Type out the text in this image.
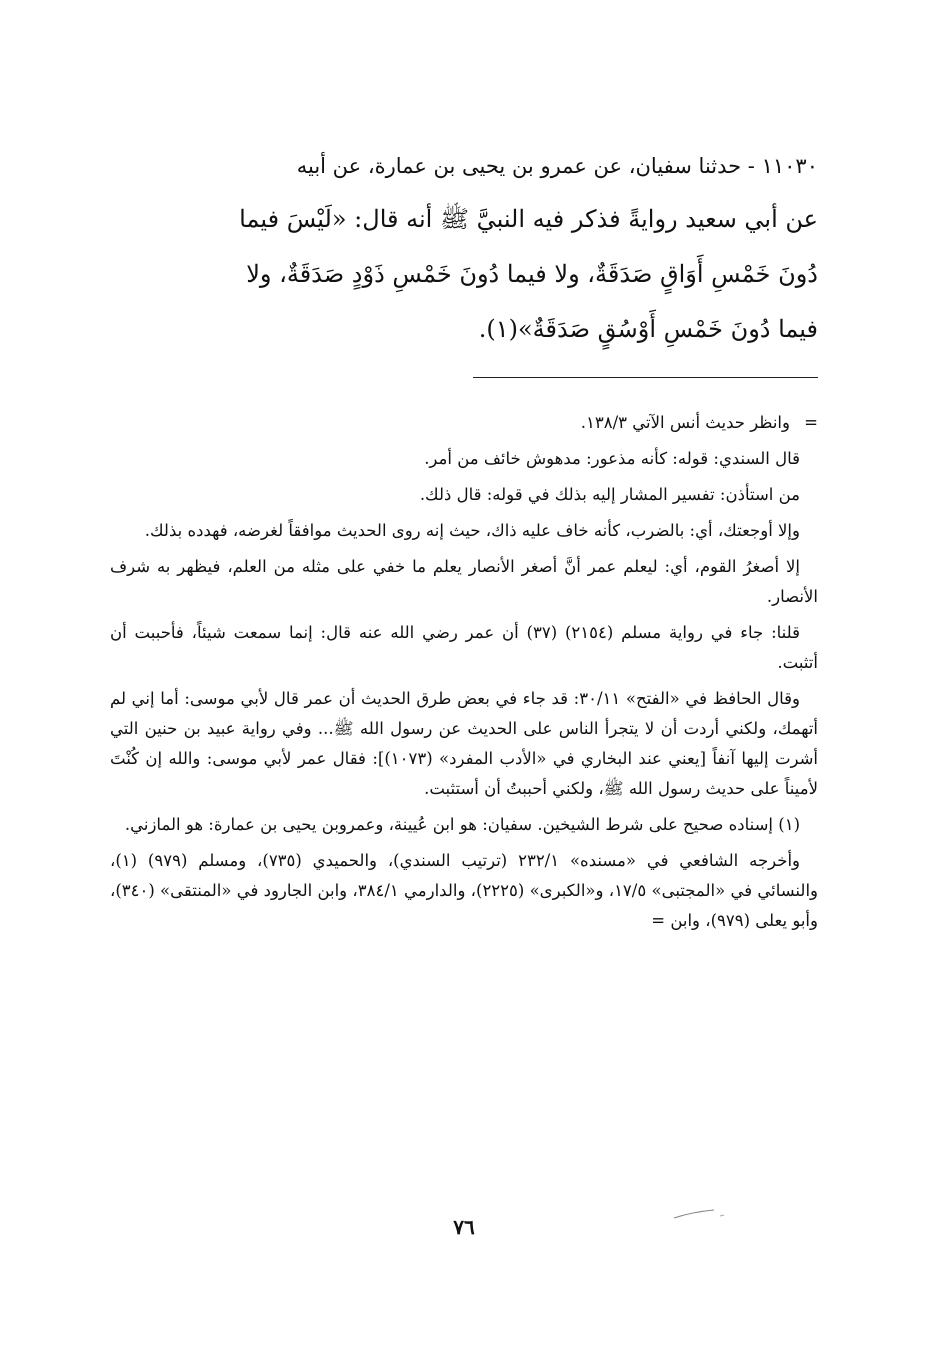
١١٠٣٠ - حدثنا سفيان، عن عمرو بن يحيى بن عمارة، عن أبيه

عن أبي سعيد روايةً فذكر فيه النبيَّ ﷺ أنه قال: «لَيْسَ فيما

دُونَ خَمْسِ أَوَاقٍ صَدَقَةٌ، ولا فيما دُونَ خَمْسِ ذَوْدٍ صَدَقَةٌ، ولا

فيما دُونَ خَمْسِ أَوْسُقٍ صَدَقَةٌ»(١).

=وانظر حديث أنس الآتي ١٣٨/٣.

قال السندي: قوله: كأنه مذعور: مدهوش خائف من أمر.

من استأذن: تفسير المشار إليه بذلك في قوله: قال ذلك.

وإلا أوجعتك، أي: بالضرب، كأنه خاف عليه ذاك، حيث إنه روى الحديث موافقاً لغرضه، فهدده بذلك.

إلا أصغرُ القوم، أي: ليعلم عمر أنَّ أصغر الأنصار يعلم ما خفي على مثله من العلم، فيظهر به شرف الأنصار.

قلنا: جاء في رواية مسلم (٢١٥٤) (٣٧) أن عمر رضي الله عنه قال: إنما سمعت شيئاً، فأحببت أن أتثبت.

وقال الحافظ في «الفتح» ٣٠/١١: قد جاء في بعض طرق الحديث أن عمر قال لأبي موسى: أما إني لم أتهمك، ولكني أردت أن لا يتجرأ الناس على الحديث عن رسول الله ﷺ... وفي رواية عبيد بن حنين التي أشرت إليها آنفاً [يعني عند البخاري في «الأدب المفرد» (١٠٧٣)]: فقال عمر لأبي موسى: والله إن كُنْتَ لأميناً على حديث رسول الله ﷺ، ولكني أحببتُ أن أستثبت.

(١) إسناده صحيح على شرط الشيخين. سفيان: هو ابن عُيينة، وعمروبن يحيى بن عمارة: هو المازني.

وأخرجه الشافعي في «مسنده» ٢٣٢/١ (ترتيب السندي)، والحميدي (٧٣٥)، ومسلم (٩٧٩) (١)، والنسائي في «المجتبى» ١٧/٥، و«الكبرى» (٢٢٢٥)، والدارمي ٣٨٤/١، وابن الجارود في «المنتقى» (٣٤٠)، وأبو يعلى (٩٧٩)، وابن =

٧٦
